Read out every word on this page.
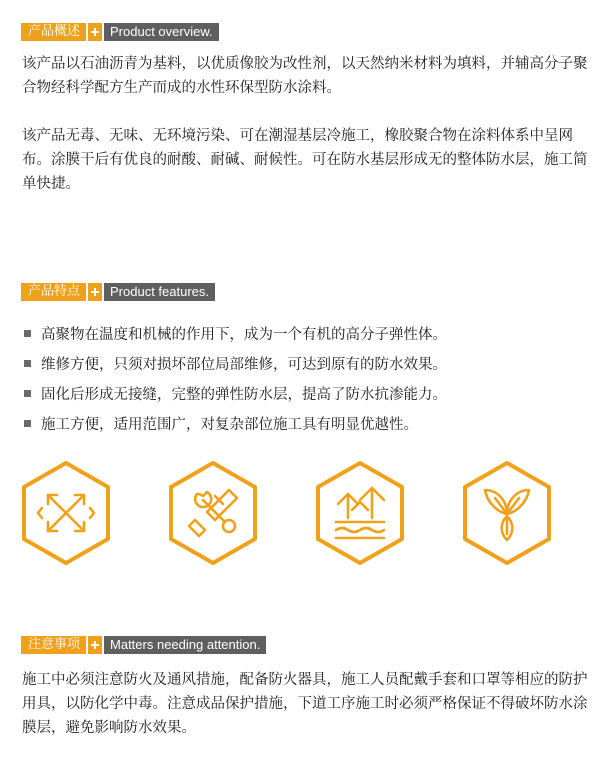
产品概述	Product overview.

该产品以石油沥青为基料，以优质像胶为改性剂，以天然纳米材料为填料，并辅高分子聚合物经科学配方生产而成的水性环保型防水涂料。

该产品无毒、无味、无环境污染、可在潮湿基层冷施工，橡胶聚合物在涂料体系中呈网布。涂膜干后有优良的耐酸、耐碱、耐候性。可在防水基层形成无的整体防水层，施工简单快捷。

产品特点	Product features.
高聚物在温度和机械的作用下，成为一个有机的高分子弹性体。
维修方便，只须对损坏部位局部维修，可达到原有的防水效果。
固化后形成无接缝，完整的弹性防水层，提高了防水抗渗能力。
施工方便，适用范围广，对复杂部位施工具有明显优越性。
注意事项	Matters needing attention.

施工中必须注意防火及通风措施，配备防火器具，施工人员配戴手套和口罩等相应的防护用具，以防化学中毒。注意成品保护措施，下道工序施工时必须严格保证不得破坏防水涂膜层，避免影响防水效果。
